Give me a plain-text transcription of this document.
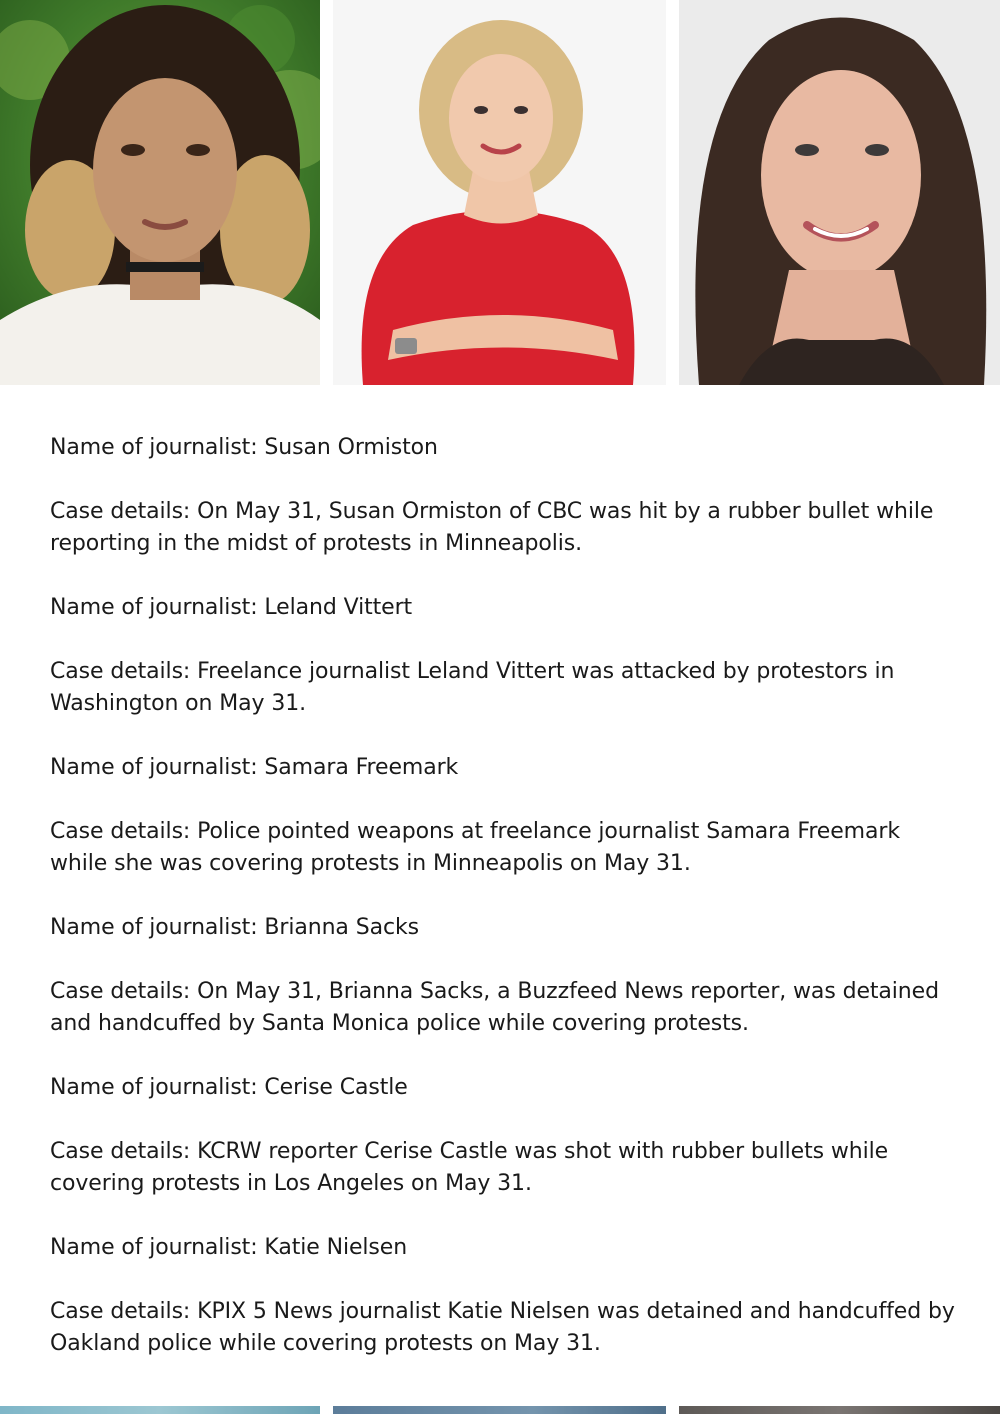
Name of journalist: Susan Ormiston

Case details: On May 31, Susan Ormiston of CBC was hit by a rubber bullet while reporting in the midst of protests in Minneapolis.

Name of journalist: Leland Vittert

Case details: Freelance journalist Leland Vittert was attacked by protestors in Washington on May 31.

Name of journalist: Samara Freemark

Case details: Police pointed weapons at freelance journalist Samara Freemark while she was covering protests in Minneapolis on May 31.

Name of journalist: Brianna Sacks

Case details: On May 31, Brianna Sacks, a Buzzfeed News reporter, was detained and handcuffed by Santa Monica police while covering protests.

Name of journalist: Cerise Castle

Case details: KCRW reporter Cerise Castle was shot with rubber bullets while covering protests in Los Angeles on May 31.

Name of journalist: Katie Nielsen

Case details: KPIX 5 News journalist Katie Nielsen was detained and handcuffed by Oakland police while covering protests on May 31.
